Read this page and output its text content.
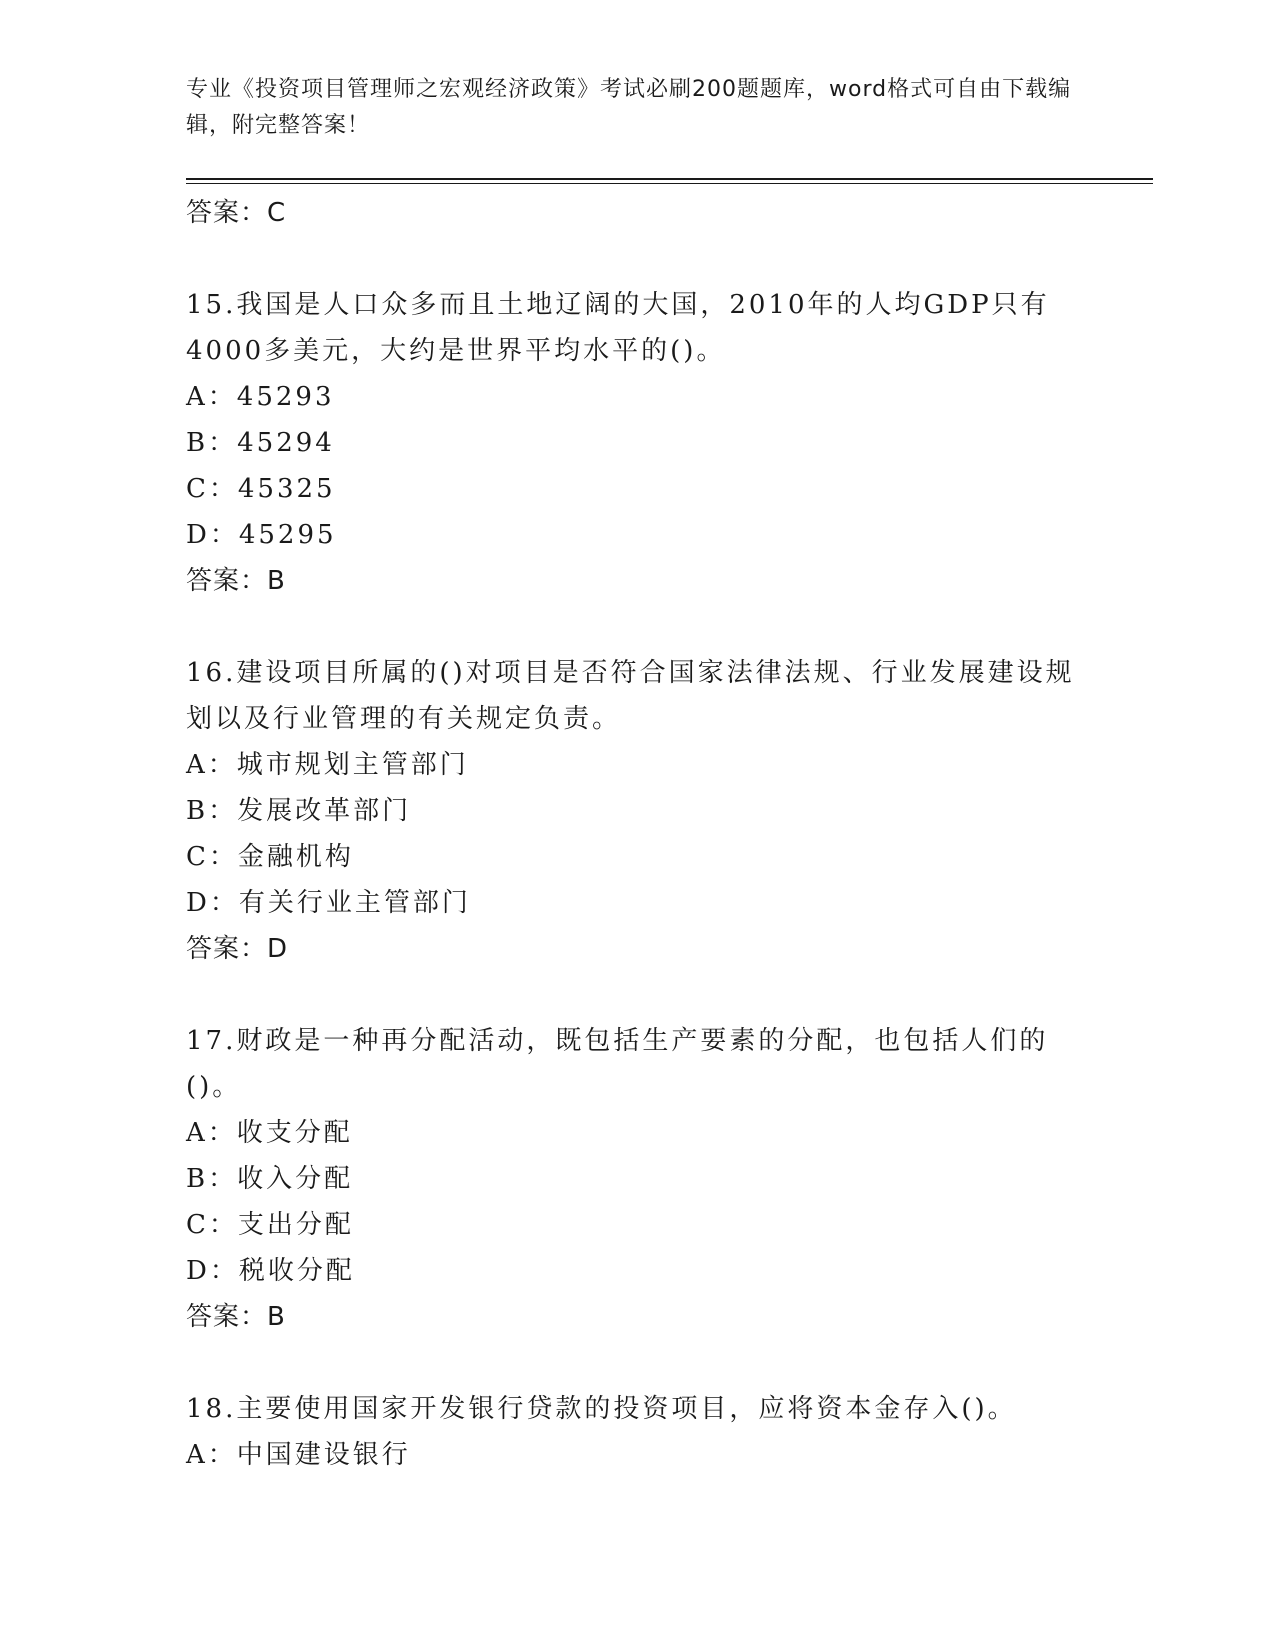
专业《投资项目管理师之宏观经济政策》考试必刷200题题库，word格式可自由下载编辑，附完整答案！
答案：C
15.我国是人口众多而且土地辽阔的大国，2010年的人均GDP只有4000多美元，大约是世界平均水平的()。
A：45293
B：45294
C：45325
D：45295
答案：B
16.建设项目所属的()对项目是否符合国家法律法规、行业发展建设规划以及行业管理的有关规定负责。
A：城市规划主管部门
B：发展改革部门
C：金融机构
D：有关行业主管部门
答案：D
17.财政是一种再分配活动，既包括生产要素的分配，也包括人们的()。
A：收支分配
B：收入分配
C：支出分配
D：税收分配
答案：B
18.主要使用国家开发银行贷款的投资项目，应将资本金存入()。
A：中国建设银行
